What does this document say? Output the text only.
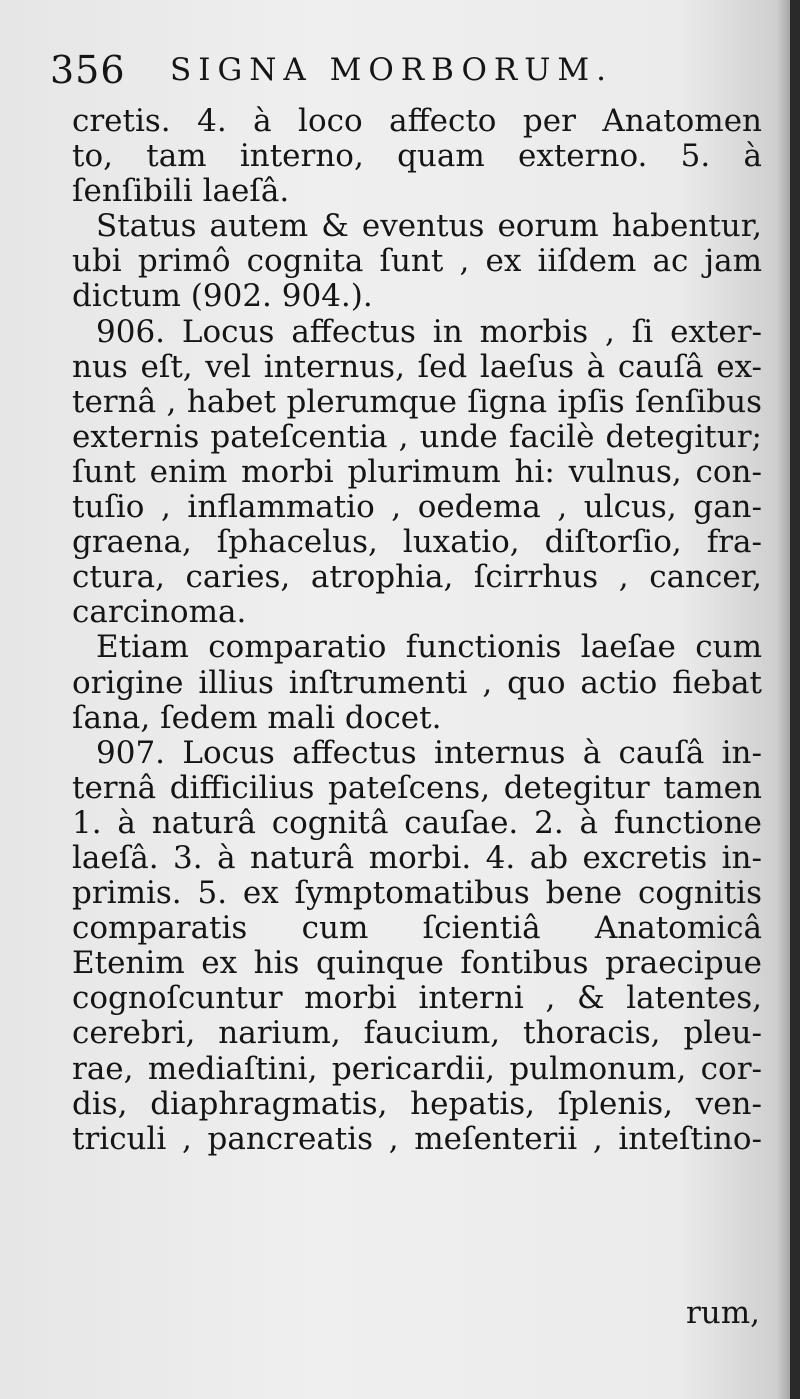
356 SIGNA MORBORUM.
cretis. 4. à loco affecto per Anatomen
to, tam interno, quam externo. 5. à
ſenſibili laeſâ.
Status autem & eventus eorum habentur,
ubi primô cognita ſunt , ex iiſdem ac jam
dictum (902. 904.).
906. Locus affectus in morbis , ſi exter-
nus eſt, vel internus, ſed laeſus à cauſâ ex-
ternâ , habet plerumque ſigna ipſis ſenſibus
externis pateſcentia , unde facilè detegitur;
ſunt enim morbi plurimum hi: vulnus, con-
tuſio , inflammatio , oedema , ulcus, gan-
graena, ſphacelus, luxatio, diſtorſio, fra-
ctura, caries, atrophia, ſcirrhus , cancer,
carcinoma.
Etiam comparatio functionis laeſae cum
origine illius inſtrumenti , quo actio fiebat
ſana, ſedem mali docet.
907. Locus affectus internus à cauſâ in-
ternâ difficilius pateſcens, detegitur tamen
1. à naturâ cognitâ cauſae. 2. à functione
laeſâ. 3. à naturâ morbi. 4. ab excretis in-
primis. 5. ex ſymptomatibus bene cognitis
comparatis cum ſcientiâ Anatomicâ
Etenim ex his quinque fontibus praecipue
cognoſcuntur morbi interni , & latentes,
cerebri, narium, faucium, thoracis, pleu-
rae, mediaſtini, pericardii, pulmonum, cor-
dis, diaphragmatis, hepatis, ſplenis, ven-
triculi , pancreatis , meſenterii , inteſtino-
rum,
